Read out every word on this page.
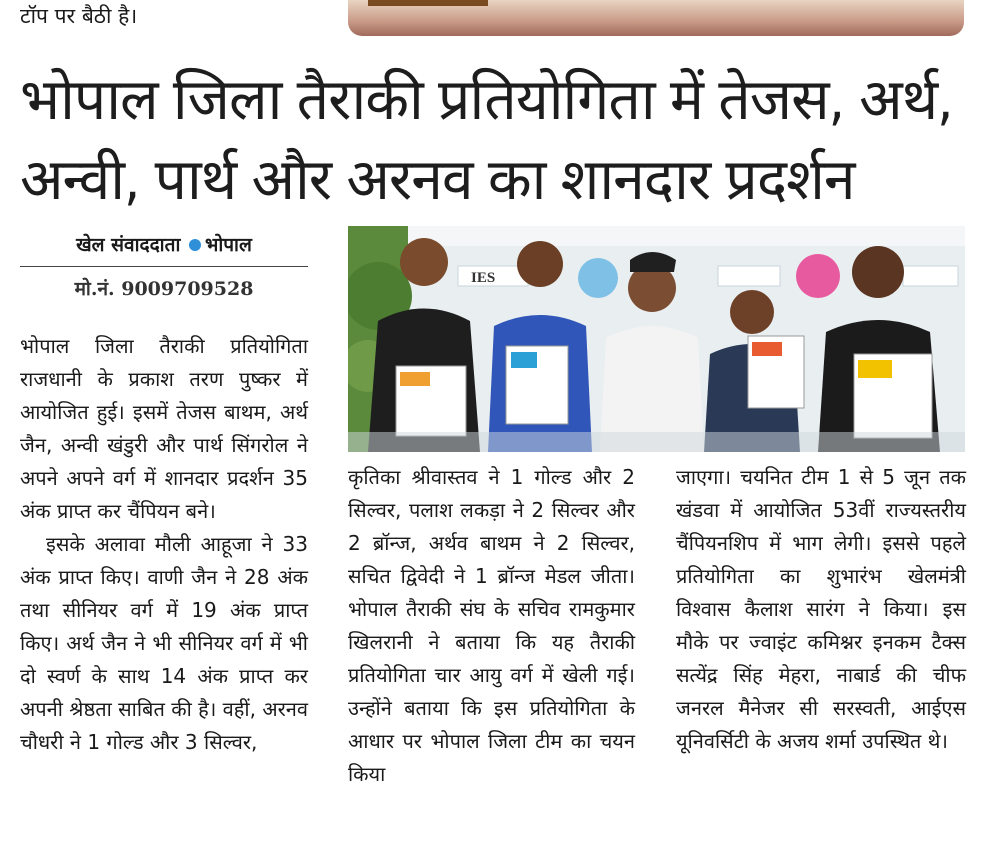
टॉप पर बैठी है।
भोपाल जिला तैराकी प्रतियोगिता में तेजस, अर्थ,
अन्वी, पार्थ और अरनव का शानदार प्रदर्शन
खेल संवाददाता भोपाल
मो.नं. 9009709528	IES

भोपाल जिला तैराकी प्रतियोगिता राजधानी के प्रकाश तरण पुष्कर में आयोजित हुई। इसमें तेजस बाथम, अर्थ जैन, अन्वी खंडुरी और पार्थ सिंगरोल ने अपने अपने वर्ग में शानदार प्रदर्शन 35 अंक प्राप्त कर चैंपियन बने।

इसके अलावा मौली आहूजा ने 33 अंक प्राप्त किए। वाणी जैन ने 28 अंक तथा सीनियर वर्ग में 19 अंक प्राप्त किए। अर्थ जैन ने भी सीनियर वर्ग में भी दो स्वर्ण के साथ 14 अंक प्राप्त कर अपनी श्रेष्ठता साबित की है। वहीं, अरनव चौधरी ने 1 गोल्ड और 3 सिल्वर,

कृतिका श्रीवास्तव ने 1 गोल्ड और 2 सिल्वर, पलाश लकड़ा ने 2 सिल्वर और 2 ब्रॉन्ज, अर्थव बाथम ने 2 सिल्वर, सचित द्विवेदी ने 1 ब्रॉन्ज मेडल जीता। भोपाल तैराकी संघ के सचिव रामकुमार खिलरानी ने बताया कि यह तैराकी प्रतियोगिता चार आयु वर्ग में खेली गई। उन्होंने बताया कि इस प्रतियोगिता के आधार पर भोपाल जिला टीम का चयन किया

जाएगा। चयनित टीम 1 से 5 जून तक खंडवा में आयोजित 53वीं राज्यस्तरीय चैंपियनशिप में भाग लेगी। इससे पहले प्रतियोगिता का शुभारंभ खेलमंत्री विश्वास कैलाश सारंग ने किया। इस मौके पर ज्वाइंट कमिश्नर इनकम टैक्स सत्येंद्र सिंह मेहरा, नाबार्ड की चीफ जनरल मैनेजर सी सरस्वती, आईएस यूनिवर्सिटी के अजय शर्मा उपस्थित थे।
